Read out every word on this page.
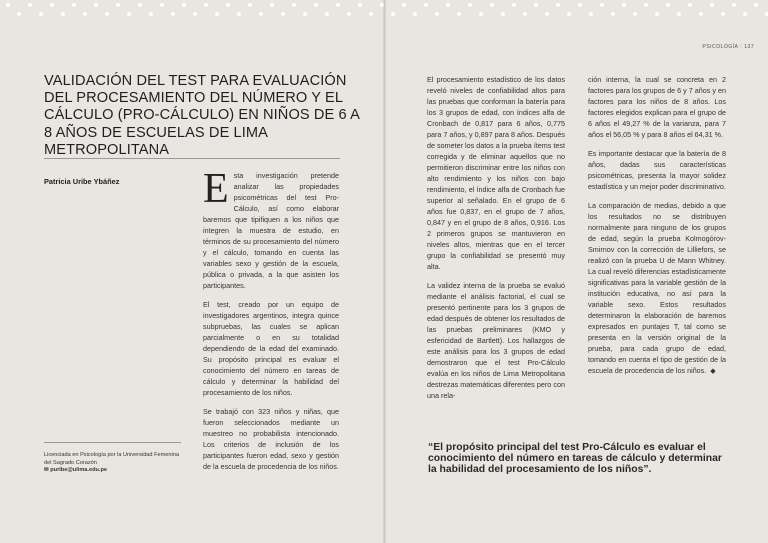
PSICOLOGÍA | 137
VALIDACIÓN DEL TEST PARA EVALUACIÓN DEL PROCESAMIENTO DEL NÚMERO Y EL CÁLCULO (PRO-CÁLCULO) EN NIÑOS DE 6 A 8 AÑOS DE ESCUELAS DE LIMA METROPOLITANA
Patricia Uribe Ybáñez
Licenciada en Psicología por la Universidad Femenina del Sagrado Corazón
✉ puribe@ulima.edu.pe

Esta investigación pretende analizar las propiedades psicométricas del test Pro-Cálculo, así como elaborar baremos que tipifiquen a los niños que integren la muestra de estudio, en términos de su procesamiento del número y el cálculo, tomando en cuenta las variables sexo y gestión de la escuela, pública o privada, a la que asisten los participantes.

El test, creado por un equipo de investigadores argentinos, integra quince subpruebas, las cuales se aplican parcialmente o en su totalidad dependiendo de la edad del examinado. Su propósito principal es evaluar el conocimiento del número en tareas de cálculo y determinar la habilidad del procesamiento de los niños.

Se trabajó con 323 niños y niñas, que fueron seleccionados mediante un muestreo no probabilista intencionado. Los criterios de inclusión de los participantes fueron edad, sexo y gestión de la escuela de procedencia de los niños.

El procesamiento estadístico de los datos reveló niveles de confiabilidad altos para las pruebas que conforman la batería para los 3 grupos de edad, con índices alfa de Cronbach de 0,817 para 6 años, 0,775 para 7 años, y 0,897 para 8 años. Después de someter los datos a la prueba ítems test corregida y de eliminar aquellos que no permitieron discriminar entre los niños con alto rendimiento y los niños con bajo rendimiento, el índice alfa de Cronbach fue superior al señalado. En el grupo de 6 años fue 0,837, en el grupo de 7 años, 0,847 y en el grupo de 8 años, 0,916. Los 2 primeros grupos se mantuvieron en niveles altos, mientras que en el tercer grupo la confiabilidad se presentó muy alta.

La validez interna de la prueba se evaluó mediante el análisis factorial, el cual se presentó pertinente para los 3 grupos de edad después de obtener los resultados de las pruebas preliminares (KMO y esfericidad de Bartlett). Los hallazgos de este análisis para los 3 grupos de edad demostraron que el test Pro-Cálculo evalúa en los niños de Lima Metropolitana destrezas matemáticas diferentes pero con una rela-

ción interna, la cual se concreta en 2 factores para los grupos de 6 y 7 años y en factores para los niños de 8 años. Los factores elegidos explican para el grupo de 6 años el 49,27 % de la varianza, para 7 años el 56,05 % y para 8 años el 64,31 %.

Es importante destacar que la batería de 8 años, dadas sus características psicométricas, presenta la mayor solidez estadística y un mejor poder discriminativo.

La comparación de medias, debido a que los resultados no se distribuyen normalmente para ninguno de los grupos de edad, según la prueba Kolmogórov-Smirnov con la corrección de Lilliefors, se realizó con la prueba U de Mann Whitney. La cual reveló diferencias estadísticamente significativas para la variable gestión de la institución educativa, no así para la variable sexo. Estos resultados determinaron la elaboración de baremos expresados en puntajes T, tal como se presenta en la versión original de la prueba, para cada grupo de edad, tomando en cuenta el tipo de gestión de la escuela de procedencia de los niños. ◆

“El propósito principal del test Pro-Cálculo es evaluar el conocimiento del número en tareas de cálculo y determinar la habilidad del procesamiento de los niños”.
